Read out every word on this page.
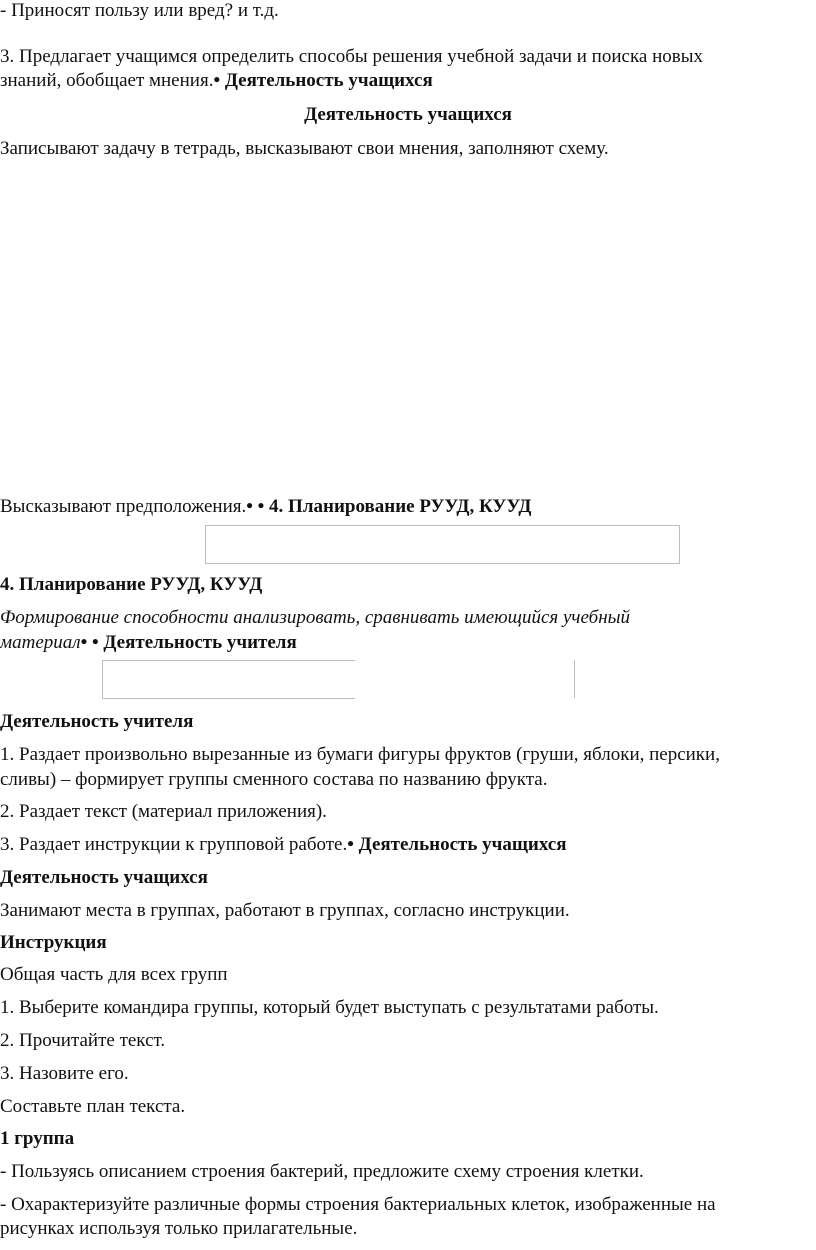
- Приносят пользу или вред? и т.д.
3. Предлагает учащимся определить способы решения учебной задачи и поиска новых
знаний, обобщает мнения.• Деятельность учащихся
Деятельность учащихся
Записывают задачу в тетрадь, высказывают свои мнения, заполняют схему.
Высказывают предположения.• • 4. Планирование РУУД, КУУД
4. Планирование РУУД, КУУД
Формирование способности анализировать, сравнивать имеющийся учебный
материал• • Деятельность учителя
Деятельность учителя
1. Раздает произвольно вырезанные из бумаги фигуры фруктов (груши, яблоки, персики,
сливы) – формирует группы сменного состава по названию фрукта.
2. Раздает текст (материал приложения).
3. Раздает инструкции к групповой работе.• Деятельность учащихся
Деятельность учащихся
Занимают места в группах, работают в группах, согласно инструкции.
Инструкция
Общая часть для всех групп
1. Выберите командира группы, который будет выступать с результатами работы.
2. Прочитайте текст.
3. Назовите его.
Составьте план текста.
1 группа
- Пользуясь описанием строения бактерий, предложите схему строения клетки.
- Охарактеризуйте различные формы строения бактериальных клеток, изображенные на
рисунках используя только прилагательные.
